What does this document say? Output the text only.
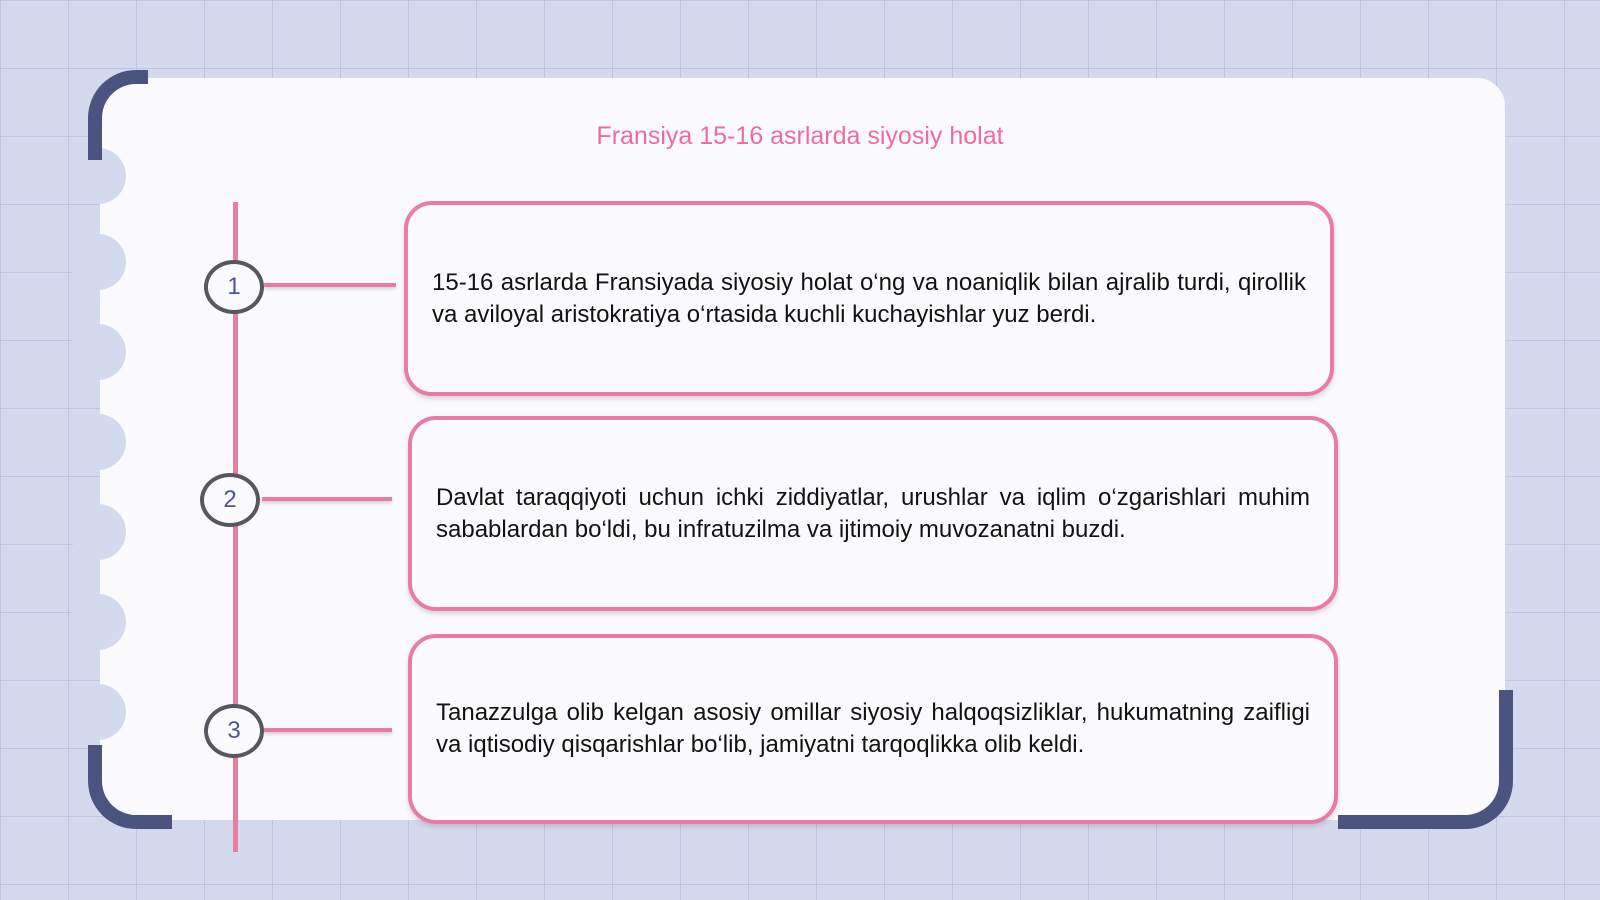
Fransiya 15-16 asrlarda siyosiy holat
1	15-16 asrlarda Fransiyada siyosiy holat o‘ng va noaniqlik bilan ajralib turdi, qirollik va aviloyal aristokratiya o‘rtasida kuchli kuchayishlar yuz berdi.

2	Davlat taraqqiyoti uchun ichki ziddiyatlar, urushlar va iqlim o‘zgarishlari muhim sabablardan bo‘ldi, bu infratuzilma va ijtimoiy muvozanatni buzdi.

3

Tanazzulga olib kelgan asosiy omillar siyosiy halqoqsizliklar, hukumatning zaifligi va iqtisodiy qisqarishlar bo‘lib, jamiyatni tarqoqlikka olib keldi.
